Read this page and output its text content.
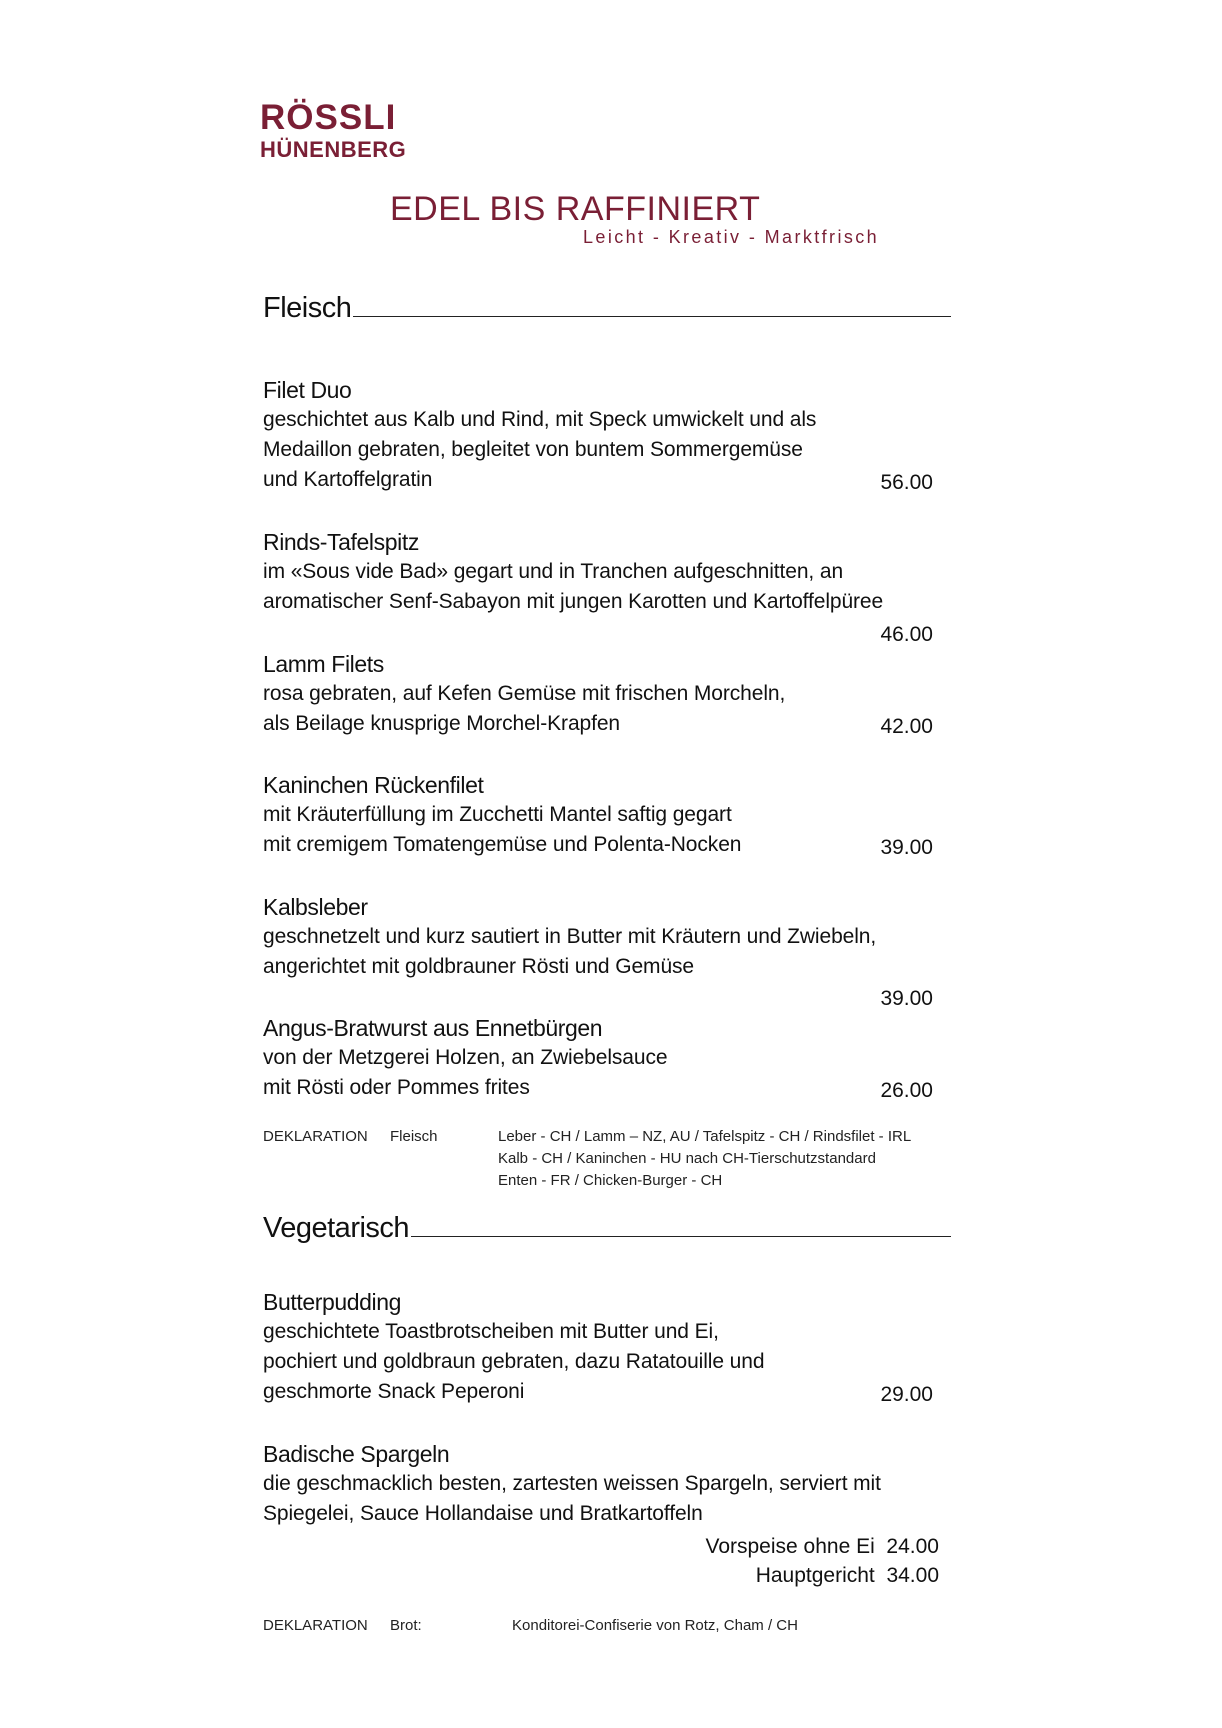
RÖSSLI
HÜNENBERG
EDEL BIS RAFFINIERT
Leicht - Kreativ - Marktfrisch
Fleisch
Filet Duo
geschichtet aus Kalb und Rind, mit Speck umwickelt und als
Medaillon gebraten, begleitet von buntem Sommergemüse
und Kartoffelgratin	56.00
Rinds-Tafelspitz
im «Sous vide Bad» gegart und in Tranchen aufgeschnitten, an
aromatischer Senf-Sabayon mit jungen Karotten und Kartoffelpüree
46.00
Lamm Filets
rosa gebraten, auf Kefen Gemüse mit frischen Morcheln,
als Beilage knusprige Morchel-Krapfen	42.00
Kaninchen Rückenfilet
mit Kräuterfüllung im Zucchetti Mantel saftig gegart
mit cremigem Tomatengemüse und Polenta-Nocken	39.00
Kalbsleber
geschnetzelt und kurz sautiert in Butter mit Kräutern und Zwiebeln,
angerichtet mit goldbrauner Rösti und Gemüse
39.00
Angus-Bratwurst aus Ennetbürgen
von der Metzgerei Holzen, an Zwiebelsauce
mit Rösti oder Pommes frites	26.00
DEKLARATION Fleisch	Leber - CH / Lamm – NZ, AU / Tafelspitz - CH / Rindsfilet - IRL
Kalb - CH / Kaninchen - HU nach CH-Tierschutzstandard
Enten - FR / Chicken-Burger - CH
Vegetarisch
Butterpudding
geschichtete Toastbrotscheiben mit Butter und Ei,
pochiert und goldbraun gebraten, dazu Ratatouille und
geschmorte Snack Peperoni	29.00
Badische Spargeln
die geschmacklich besten, zartesten weissen Spargeln, serviert mit
Spiegelei, Sauce Hollandaise und Bratkartoffeln
Vorspeise ohne Ei  24.00
Hauptgericht  34.00
DEKLARATION Brot:	Konditorei-Confiserie von Rotz, Cham / CH
